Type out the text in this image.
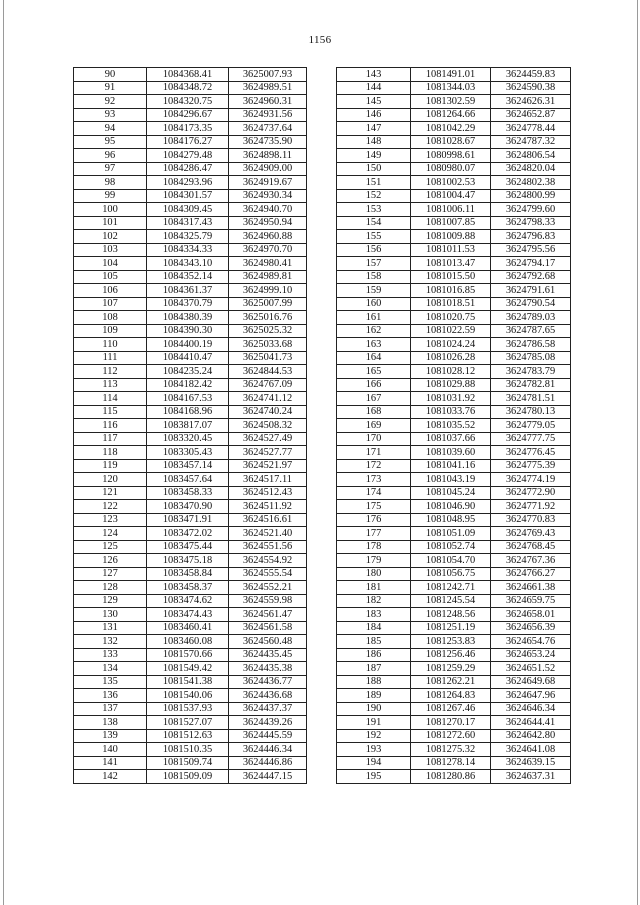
1156
90	1084368.41	3625007.93
91	1084348.72	3624989.51
92	1084320.75	3624960.31
93	1084296.67	3624931.56
94	1084173.35	3624737.64
95	1084176.27	3624735.90
96	1084279.48	3624898.11
97	1084286.47	3624909.00
98	1084293.96	3624919.67
99	1084301.57	3624930.34
100	1084309.45	3624940.70
101	1084317.43	3624950.94
102	1084325.79	3624960.88
103	1084334.33	3624970.70
104	1084343.10	3624980.41
105	1084352.14	3624989.81
106	1084361.37	3624999.10
107	1084370.79	3625007.99
108	1084380.39	3625016.76
109	1084390.30	3625025.32
110	1084400.19	3625033.68
111	1084410.47	3625041.73
112	1084235.24	3624844.53
113	1084182.42	3624767.09
114	1084167.53	3624741.12
115	1084168.96	3624740.24
116	1083817.07	3624508.32
117	1083320.45	3624527.49
118	1083305.43	3624527.77
119	1083457.14	3624521.97
120	1083457.64	3624517.11
121	1083458.33	3624512.43
122	1083470.90	3624511.92
123	1083471.91	3624516.61
124	1083472.02	3624521.40
125	1083475.44	3624551.56
126	1083475.18	3624554.92
127	1083458.84	3624555.54
128	1083458.37	3624552.21
129	1083474.62	3624559.98
130	1083474.43	3624561.47
131	1083460.41	3624561.58
132	1083460.08	3624560.48
133	1081570.66	3624435.45
134	1081549.42	3624435.38
135	1081541.38	3624436.77
136	1081540.06	3624436.68
137	1081537.93	3624437.37
138	1081527.07	3624439.26
139	1081512.63	3624445.59
140	1081510.35	3624446.34
141	1081509.74	3624446.86
142	1081509.09	3624447.15
143	1081491.01	3624459.83
144	1081344.03	3624590.38
145	1081302.59	3624626.31
146	1081264.66	3624652.87
147	1081042.29	3624778.44
148	1081028.67	3624787.32
149	1080998.61	3624806.54
150	1080980.07	3624820.04
151	1081002.53	3624802.38
152	1081004.47	3624800.99
153	1081006.11	3624799.60
154	1081007.85	3624798.33
155	1081009.88	3624796.83
156	1081011.53	3624795.56
157	1081013.47	3624794.17
158	1081015.50	3624792.68
159	1081016.85	3624791.61
160	1081018.51	3624790.54
161	1081020.75	3624789.03
162	1081022.59	3624787.65
163	1081024.24	3624786.58
164	1081026.28	3624785.08
165	1081028.12	3624783.79
166	1081029.88	3624782.81
167	1081031.92	3624781.51
168	1081033.76	3624780.13
169	1081035.52	3624779.05
170	1081037.66	3624777.75
171	1081039.60	3624776.45
172	1081041.16	3624775.39
173	1081043.19	3624774.19
174	1081045.24	3624772.90
175	1081046.90	3624771.92
176	1081048.95	3624770.83
177	1081051.09	3624769.43
178	1081052.74	3624768.45
179	1081054.70	3624767.36
180	1081056.75	3624766.27
181	1081242.71	3624661.38
182	1081245.54	3624659.75
183	1081248.56	3624658.01
184	1081251.19	3624656.39
185	1081253.83	3624654.76
186	1081256.46	3624653.24
187	1081259.29	3624651.52
188	1081262.21	3624649.68
189	1081264.83	3624647.96
190	1081267.46	3624646.34
191	1081270.17	3624644.41
192	1081272.60	3624642.80
193	1081275.32	3624641.08
194	1081278.14	3624639.15
195	1081280.86	3624637.31
